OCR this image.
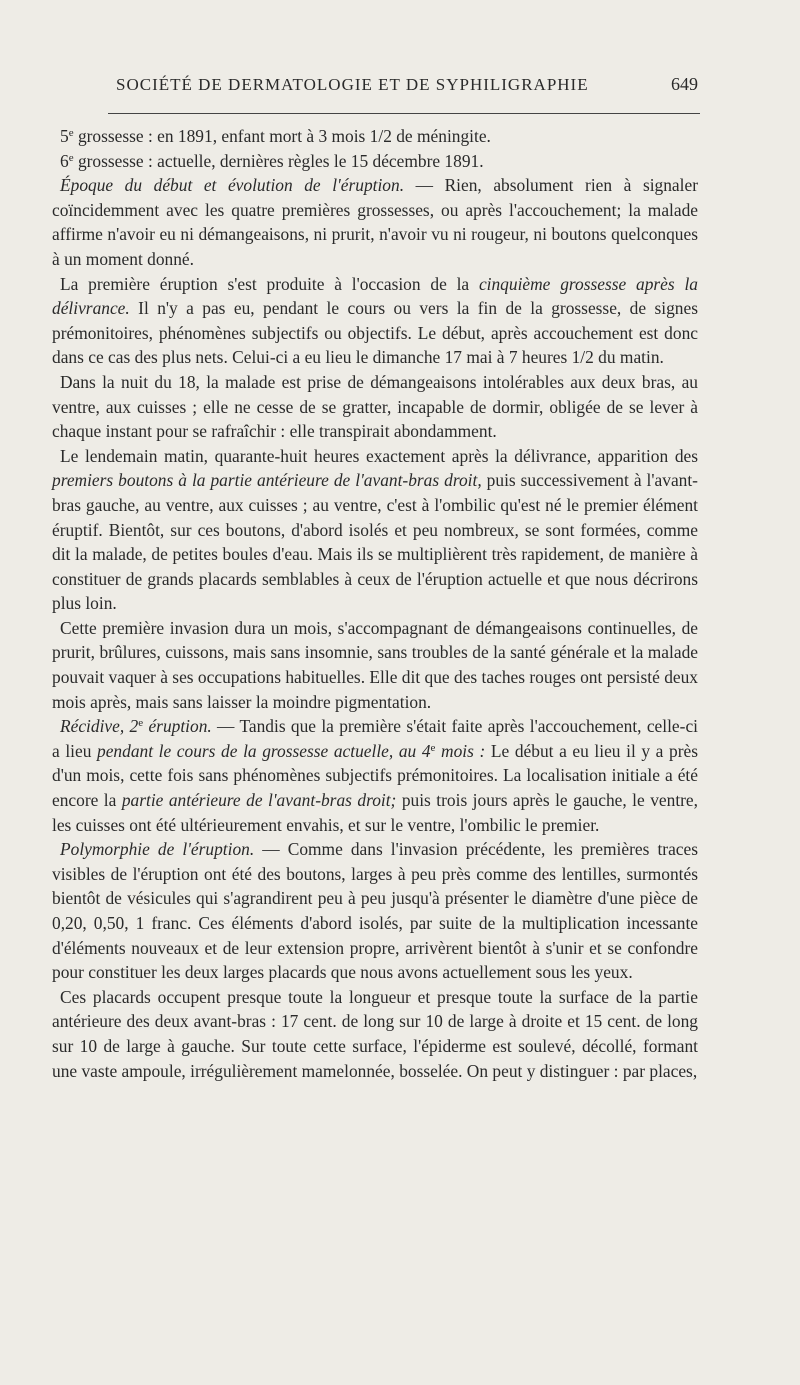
SOCIÉTÉ DE DERMATOLOGIE ET DE SYPHILIGRAPHIE	649

5e grossesse : en 1891, enfant mort à 3 mois 1/2 de méningite.

6e grossesse : actuelle, dernières règles le 15 décembre 1891.

Époque du début et évolution de l'éruption. — Rien, absolument rien à signaler coïncidemment avec les quatre premières grossesses, ou après l'accouchement; la malade affirme n'avoir eu ni démangeaisons, ni prurit, n'avoir vu ni rougeur, ni boutons quelconques à un moment donné.

La première éruption s'est produite à l'occasion de la cinquième grossesse après la délivrance. Il n'y a pas eu, pendant le cours ou vers la fin de la grossesse, de signes prémonitoires, phénomènes subjectifs ou objectifs. Le début, après accouchement est donc dans ce cas des plus nets. Celui-ci a eu lieu le dimanche 17 mai à 7 heures 1/2 du matin.

Dans la nuit du 18, la malade est prise de démangeaisons intolérables aux deux bras, au ventre, aux cuisses ; elle ne cesse de se gratter, incapable de dormir, obligée de se lever à chaque instant pour se rafraîchir : elle transpirait abondamment.

Le lendemain matin, quarante-huit heures exactement après la délivrance, apparition des premiers boutons à la partie antérieure de l'avant-bras droit, puis successivement à l'avant-bras gauche, au ventre, aux cuisses ; au ventre, c'est à l'ombilic qu'est né le premier élément éruptif. Bientôt, sur ces boutons, d'abord isolés et peu nombreux, se sont formées, comme dit la malade, de petites boules d'eau. Mais ils se multiplièrent très rapidement, de manière à constituer de grands placards semblables à ceux de l'éruption actuelle et que nous décrirons plus loin.

Cette première invasion dura un mois, s'accompagnant de démangeaisons continuelles, de prurit, brûlures, cuissons, mais sans insomnie, sans troubles de la santé générale et la malade pouvait vaquer à ses occupations habituelles. Elle dit que des taches rouges ont persisté deux mois après, mais sans laisser la moindre pigmentation.

Récidive, 2e éruption. — Tandis que la première s'était faite après l'accouchement, celle-ci a lieu pendant le cours de la grossesse actuelle, au 4e mois : Le début a eu lieu il y a près d'un mois, cette fois sans phénomènes subjectifs prémonitoires. La localisation initiale a été encore la partie antérieure de l'avant-bras droit; puis trois jours après le gauche, le ventre, les cuisses ont été ultérieurement envahis, et sur le ventre, l'ombilic le premier.

Polymorphie de l'éruption. — Comme dans l'invasion précédente, les premières traces visibles de l'éruption ont été des boutons, larges à peu près comme des lentilles, surmontés bientôt de vésicules qui s'agrandirent peu à peu jusqu'à présenter le diamètre d'une pièce de 0,20, 0,50, 1 franc. Ces éléments d'abord isolés, par suite de la multiplication incessante d'éléments nouveaux et de leur extension propre, arrivèrent bientôt à s'unir et se confondre pour constituer les deux larges placards que nous avons actuellement sous les yeux.

Ces placards occupent presque toute la longueur et presque toute la surface de la partie antérieure des deux avant-bras : 17 cent. de long sur 10 de large à droite et 15 cent. de long sur 10 de large à gauche. Sur toute cette surface, l'épiderme est soulevé, décollé, formant une vaste ampoule, irrégulièrement mamelonnée, bosselée. On peut y distinguer : par places,
